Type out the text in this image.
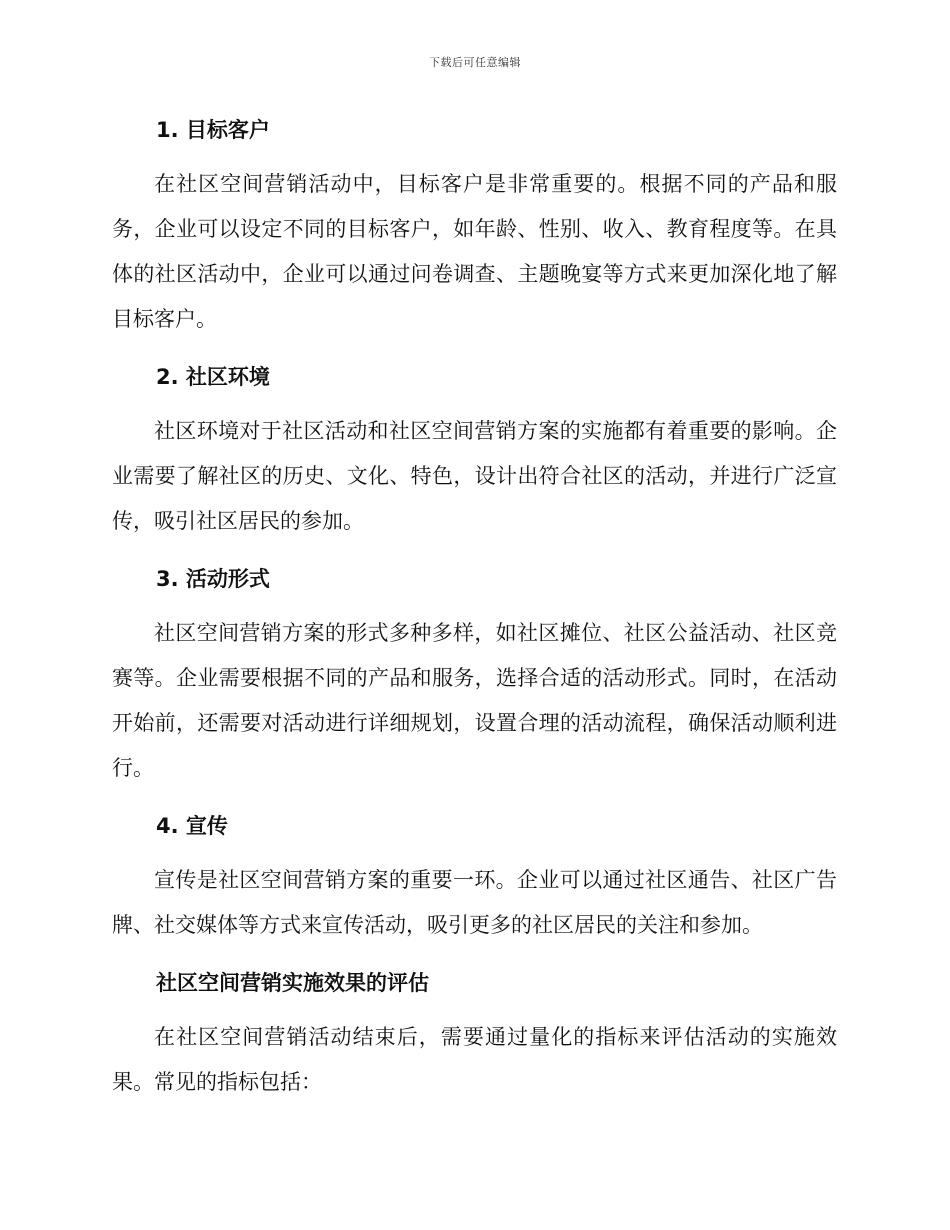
下载后可任意编辑
1. 目标客户

在社区空间营销活动中，目标客户是非常重要的。根据不同的产品和服务，企业可以设定不同的目标客户，如年龄、性别、收入、教育程度等。在具体的社区活动中，企业可以通过问卷调查、主题晚宴等方式来更加深化地了解目标客户。

2. 社区环境

社区环境对于社区活动和社区空间营销方案的实施都有着重要的影响。企业需要了解社区的历史、文化、特色，设计出符合社区的活动，并进行广泛宣传，吸引社区居民的参加。

3. 活动形式

社区空间营销方案的形式多种多样，如社区摊位、社区公益活动、社区竞赛等。企业需要根据不同的产品和服务，选择合适的活动形式。同时，在活动开始前，还需要对活动进行详细规划，设置合理的活动流程，确保活动顺利进行。

4. 宣传

宣传是社区空间营销方案的重要一环。企业可以通过社区通告、社区广告牌、社交媒体等方式来宣传活动，吸引更多的社区居民的关注和参加。

社区空间营销实施效果的评估

在社区空间营销活动结束后，需要通过量化的指标来评估活动的实施效果。常见的指标包括：
